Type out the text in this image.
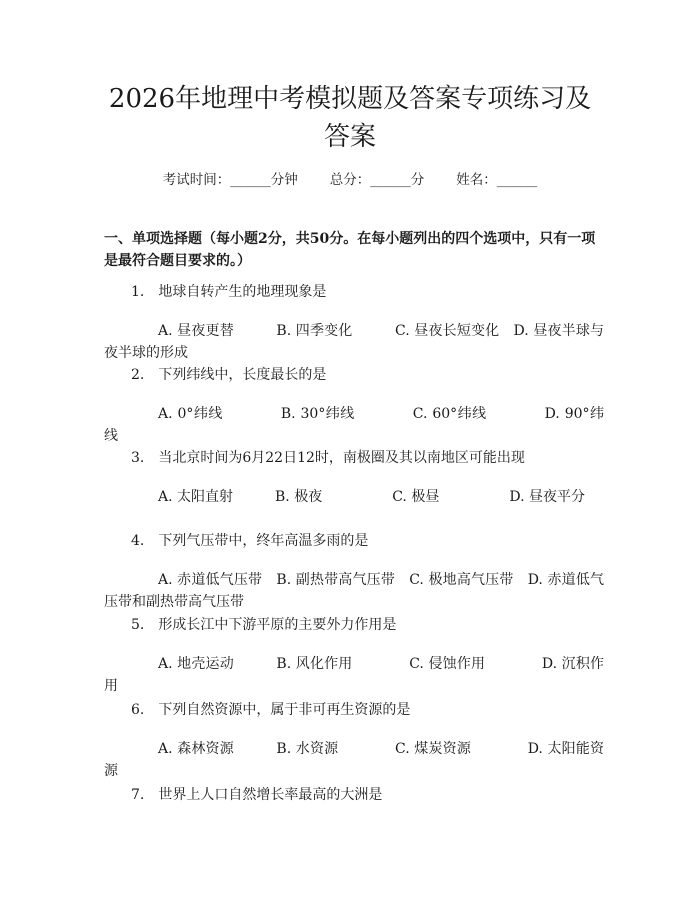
2026年地理中考模拟题及答案专项练习及答案
考试时间：______分钟 总分：______分 姓名：______

一、单项选择题（每小题2分，共50分。在每小题列出的四个选项中，只有一项是最符合题目要求的。）

1.　地球自转产生的地理现象是
A. 昼夜更替　　　	B. 四季变化　　　	C. 昼夜长短变化　 D. 昼夜半球与夜半球的形成
2.　下列纬线中，长度最长的是
A. 0°纬线　　　　	B. 30°纬线　　　　	C. 60°纬线　　　　	D. 90°纬线
3.　当北京时间为6月22日12时，南极圈及其以南地区可能出现
A. 太阳直射　　　	B. 极夜　　　　　	C. 极昼　　　　　	D. 昼夜平分
4.　下列气压带中，终年高温多雨的是
A. 赤道低气压带　 B. 副热带高气压带　 C. 极地高气压带　 D. 赤道低气压带和副热带高气压带
5.　形成长江中下游平原的主要外力作用是
A. 地壳运动　　　	B. 风化作用　　　　	C. 侵蚀作用　　　　	D. 沉积作用
6.　下列自然资源中，属于非可再生资源的是
A. 森林资源　　　	B. 水资源　　　　	C. 煤炭资源　　　　	D. 太阳能资源
7.　世界上人口自然增长率最高的大洲是
